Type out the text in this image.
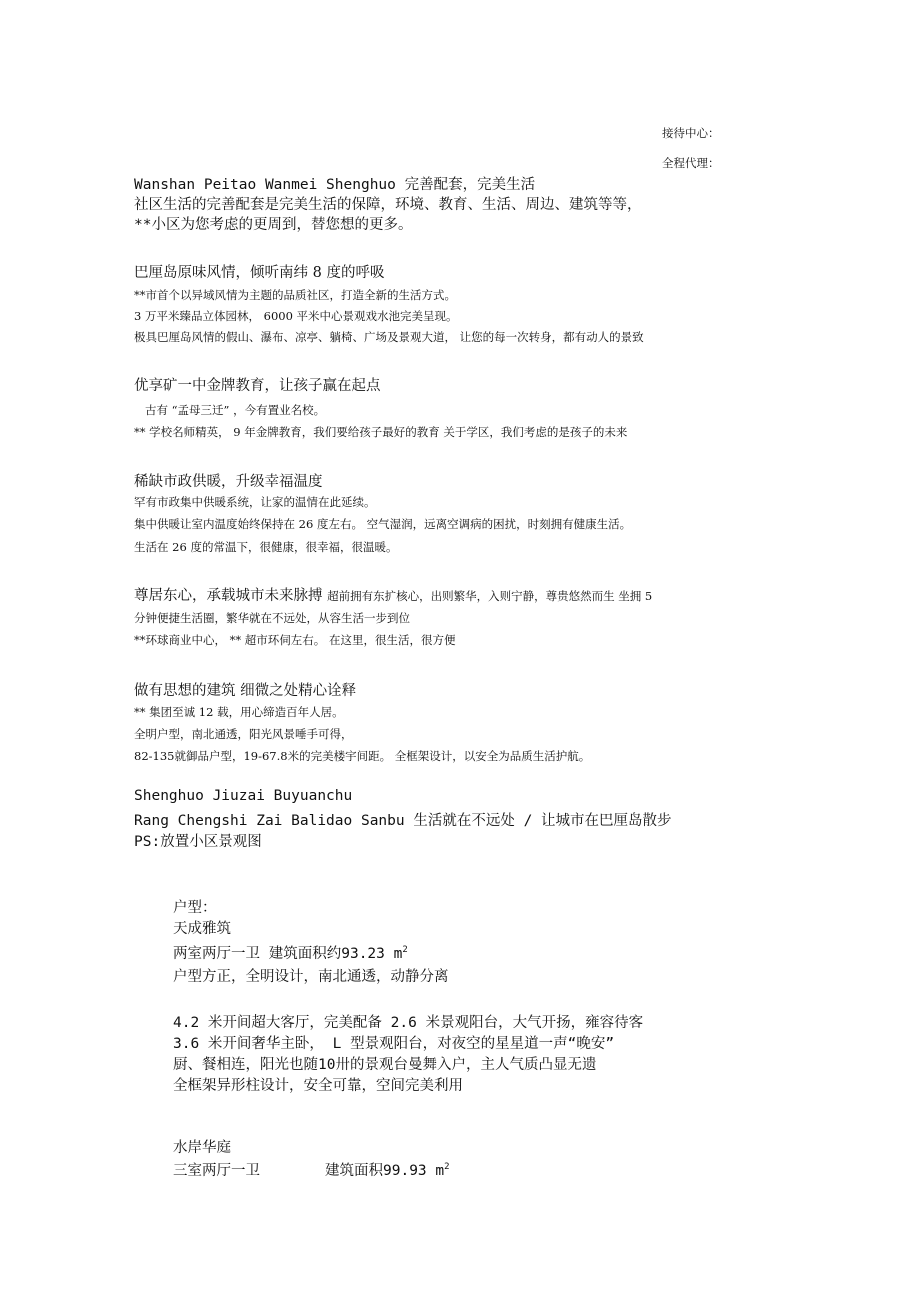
接待中心：

全程代理：

Wanshan Peitao Wanmei Shenghuo 完善配套，完美生活

社区生活的完善配套是完美生活的保障，环境、教育、生活、周边、建筑等等，

**小区为您考虑的更周到，替您想的更多。

巴厘岛原味风情，倾听南纬 8 度的呼吸

**市首个以异域风情为主题的品质社区，打造全新的生活方式。

3 万平米臻品立体园林， 6000 平米中心景观戏水池完美呈现。

极具巴厘岛风情的假山、瀑布、凉亭、躺椅、广场及景观大道， 让您的每一次转身，都有动人的景致

优享矿一中金牌教育，让孩子赢在起点

古有 “孟母三迁” ，今有置业名校。

** 学校名师精英， 9 年金牌教育，我们要给孩子最好的教育 关于学区，我们考虑的是孩子的未来

稀缺市政供暖，升级幸福温度

罕有市政集中供暖系统，让家的温情在此延续。

集中供暖让室内温度始终保持在 26 度左右。 空气湿润，远离空调病的困扰，时刻拥有健康生活。

生活在 26 度的常温下，很健康，很幸福，很温暖。

尊居东心，承载城市未来脉搏 超前拥有东扩核心，出则繁华，入则宁静，尊贵悠然而生 坐拥 5

分钟便捷生活圈，繁华就在不远处，从容生活一步到位

**环球商业中心， ** 超市环伺左右。 在这里，很生活，很方便

做有思想的建筑 细微之处精心诠释

** 集团至诚 12 载，用心缔造百年人居。

全明户型，南北通透，阳光风景唾手可得，

82-135就御品户型，19-67.8米的完美楼宇间距。 全框架设计，以安全为品质生活护航。

Shenghuo Jiuzai Buyuanchu

Rang Chengshi Zai Balidao Sanbu 生活就在不远处 / 让城市在巴厘岛散步

PS:放置小区景观图

户型：

天成雅筑

两室两厅一卫 建筑面积约93.23 $m^2$

户型方正，全明设计，南北通透，动静分离

4.2 米开间超大客厅，完美配备 2.6 米景观阳台，大气开扬，雍容待客

3.6 米开间奢华主卧， L 型景观阳台，对夜空的星星道一声“晚安”

厨、餐相连，阳光也随10卅的景观台曼舞入户，主人气质凸显无遗

全框架异形柱设计，安全可靠，空间完美利用

水岸华庭

三室两厅一卫	建筑面积99.93 $m^2$
